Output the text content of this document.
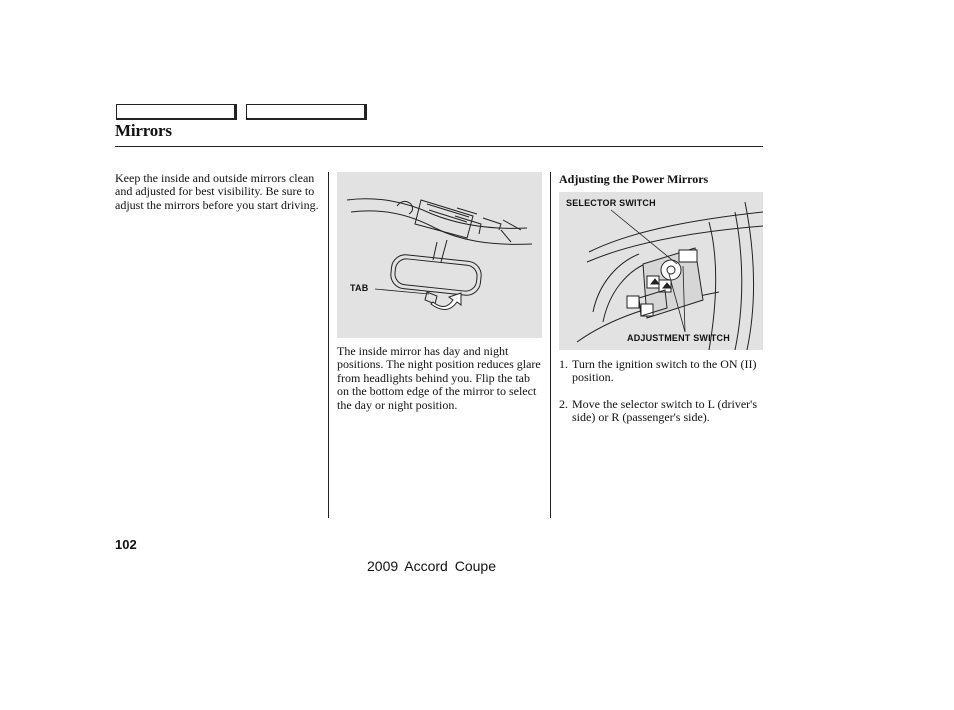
Mirrors

Keep the inside and outside mirrors clean and adjusted for best visibility. Be sure to adjust the mirrors before you start driving.

TAB

The inside mirror has day and night positions. The night position reduces glare from headlights behind you. Flip the tab on the bottom edge of the mirror to select the day or night position.

Adjusting the Power Mirrors
SELECTOR SWITCH
ADJUSTMENT SWITCH
1. Turn the ignition switch to the ON (II) position.
2. Move the selector switch to L (driver's side) or R (passenger's side).
102
2009 Accord Coupe
